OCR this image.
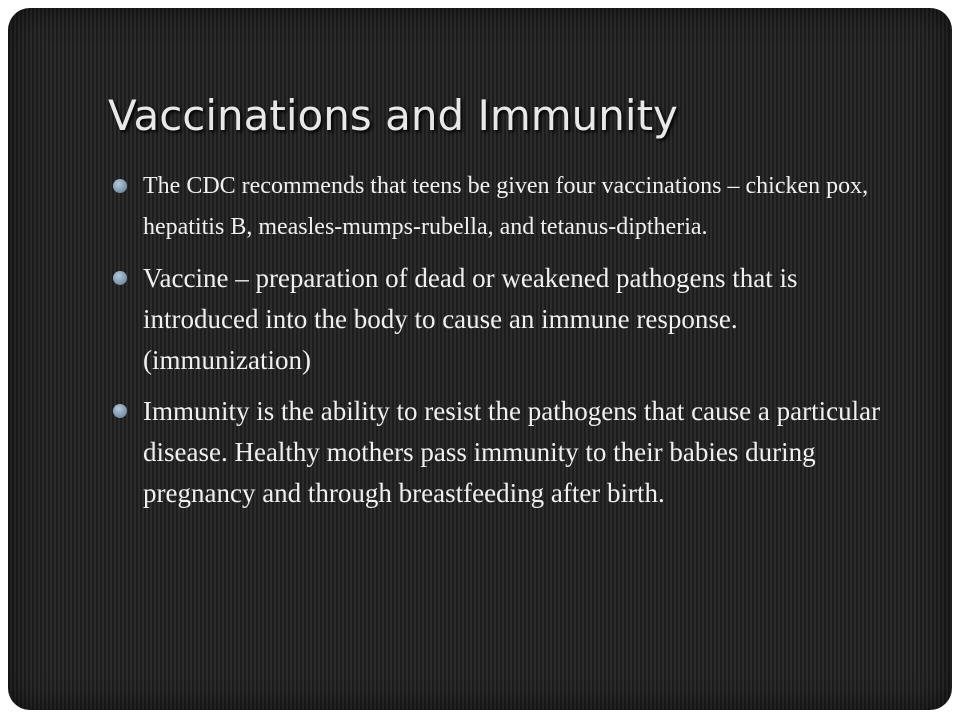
Vaccinations and Immunity
The CDC recommends that teens be given four vaccinations – chicken pox, hepatitis B, measles-mumps-rubella, and tetanus-diptheria.
Vaccine – preparation of dead or weakened pathogens that is introduced into the body to cause an immune response. (immunization)
Immunity is the ability to resist the pathogens that cause a particular disease. Healthy mothers pass immunity to their babies during pregnancy and through breastfeeding after birth.
